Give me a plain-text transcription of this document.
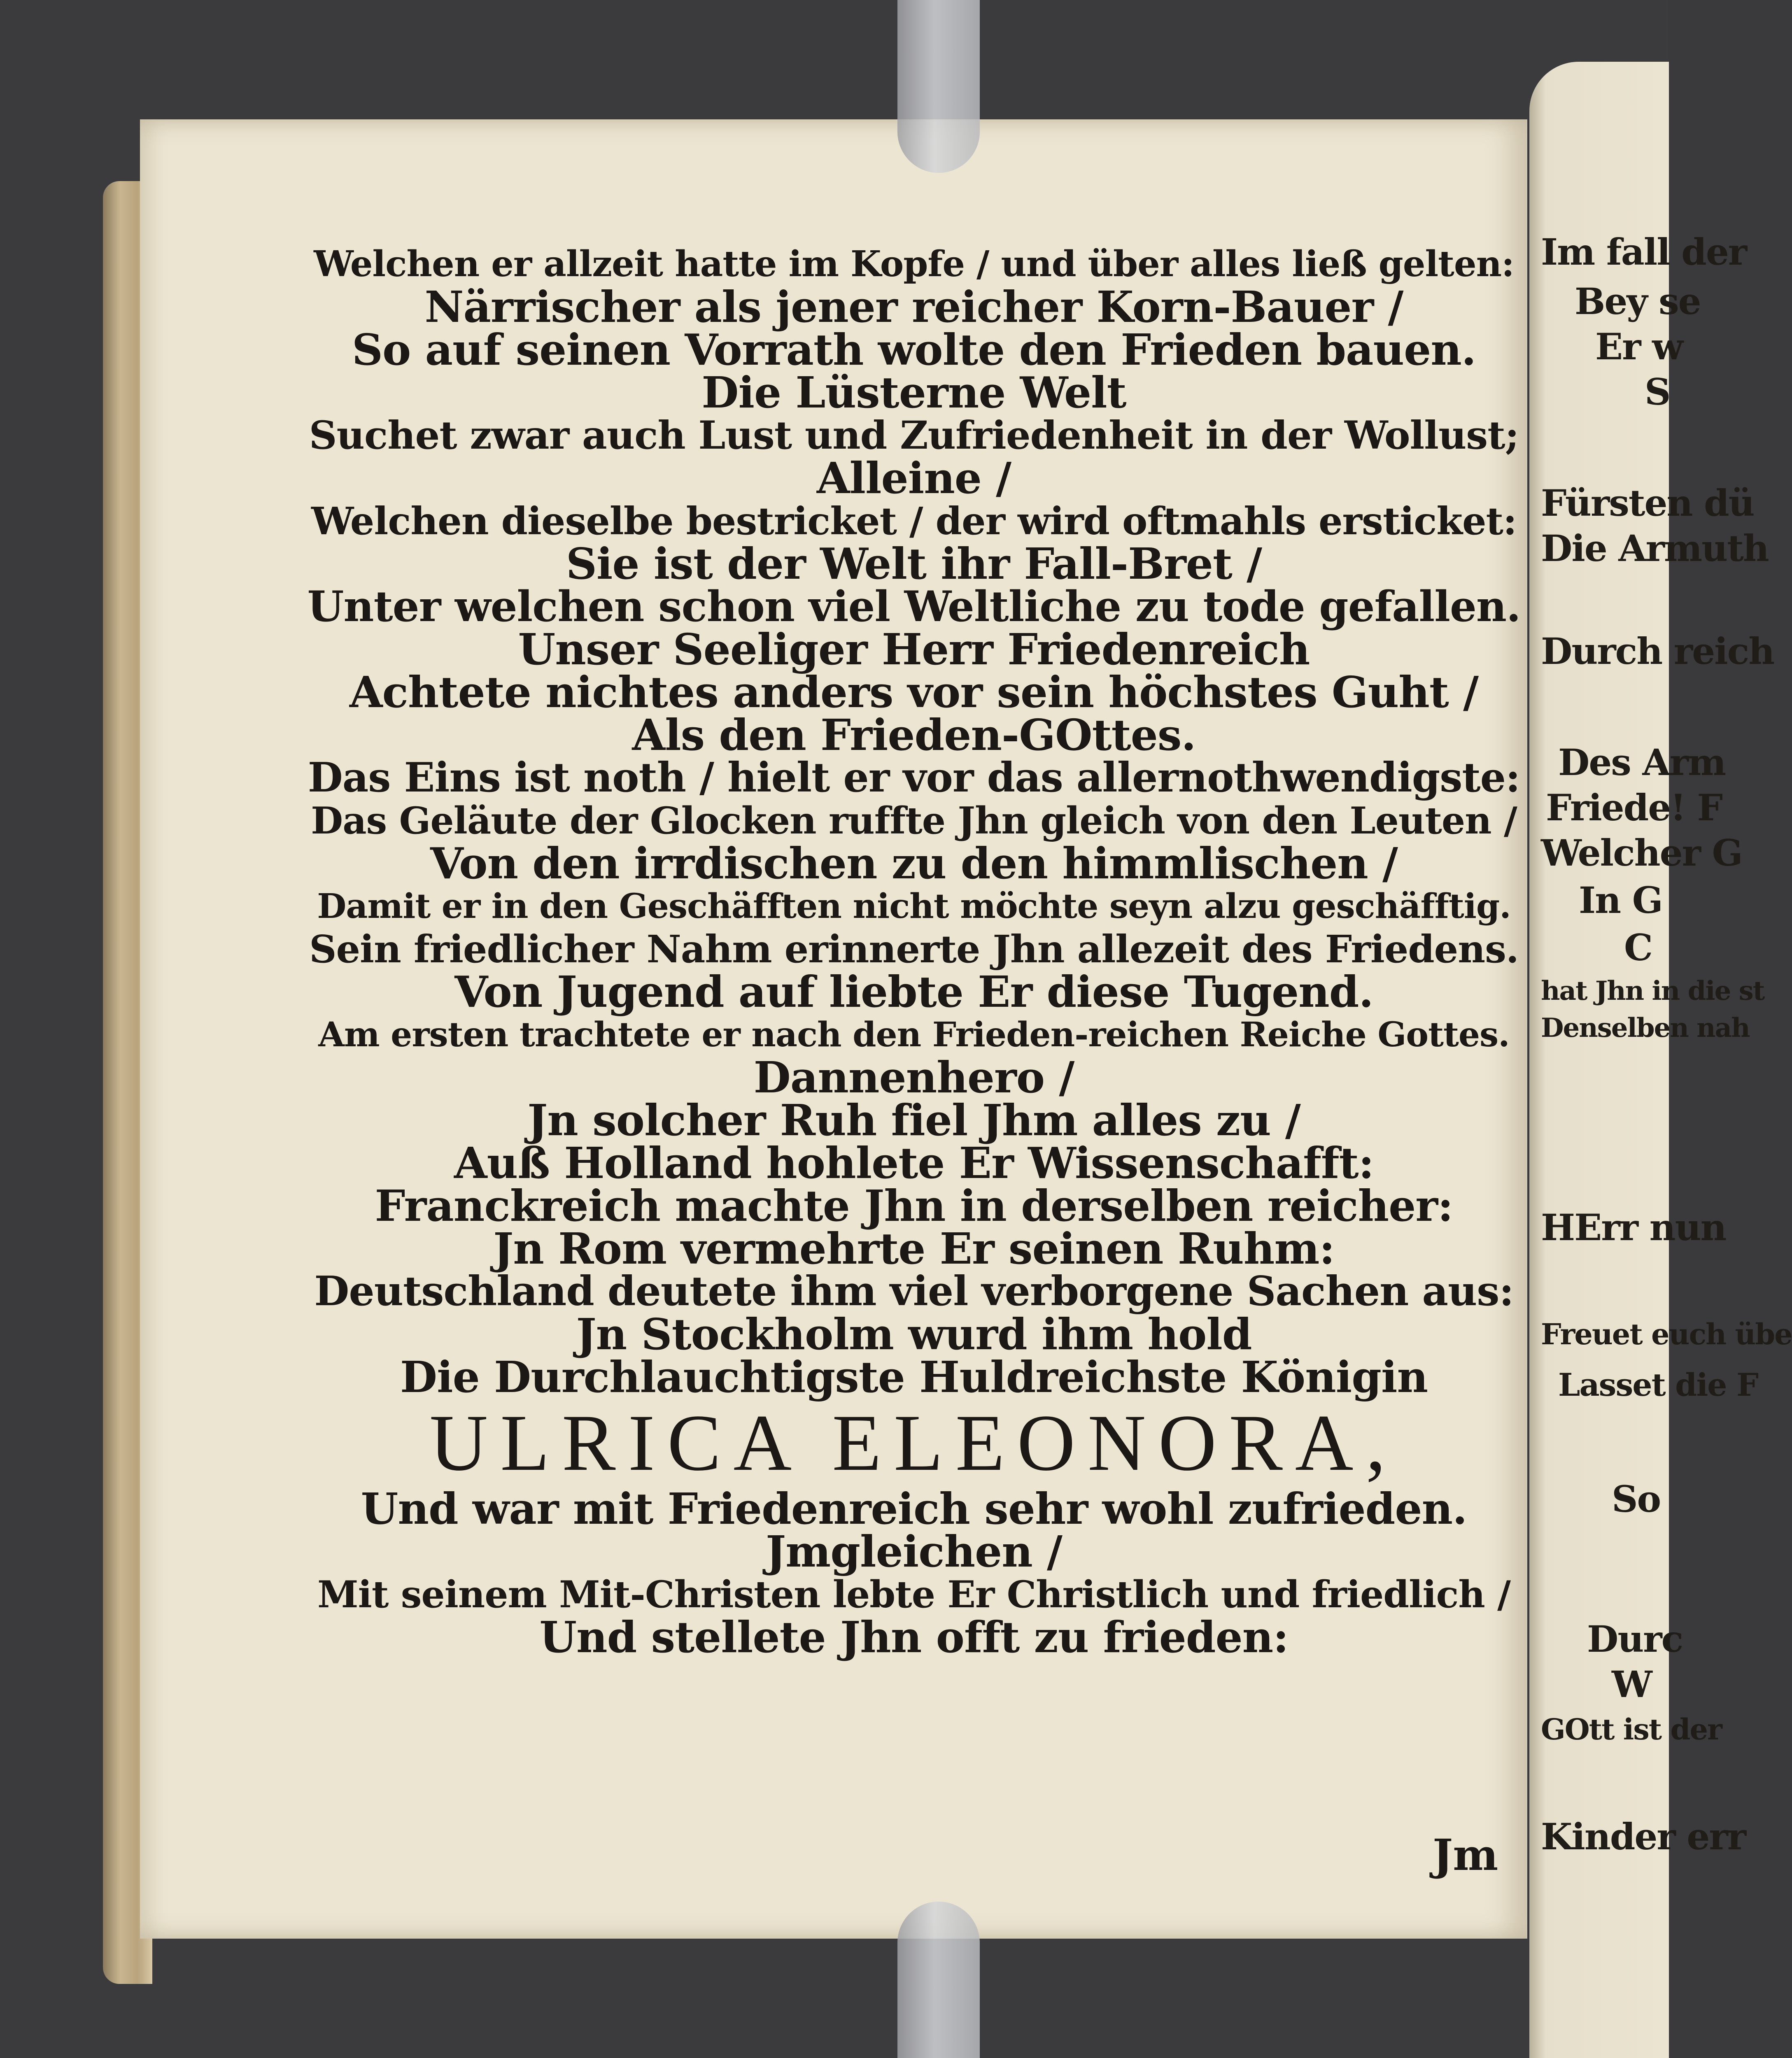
Welchen er allzeit hatte im Kopfe / und über alles ließ gelten:
Närrischer als jener reicher Korn-Bauer /
So auf seinen Vorrath wolte den Frieden bauen.
Die Lüsterne Welt
Suchet zwar auch Lust und Zufriedenheit in der Wollust;
Alleine /
Welchen dieselbe bestricket / der wird oftmahls ersticket:
Sie ist der Welt ihr Fall-Bret /
Unter welchen schon viel Weltliche zu tode gefallen.
Unser Seeliger Herr Friedenreich
Achtete nichtes anders vor sein höchstes Guht /
Als den Frieden-GOttes.
Das Eins ist noth / hielt er vor das allernothwendigste:
Das Geläute der Glocken ruffte Jhn gleich von den Leuten /
Von den irrdischen zu den himmlischen /
Damit er in den Geschäfften nicht möchte seyn alzu geschäfftig.
Sein friedlicher Nahm erinnerte Jhn allezeit des Friedens.
Von Jugend auf liebte Er diese Tugend.
Am ersten trachtete er nach den Frieden-reichen Reiche Gottes.
Dannenhero /
Jn solcher Ruh fiel Jhm alles zu /
Auß Holland hohlete Er Wissenschafft:
Franckreich machte Jhn in derselben reicher:
Jn Rom vermehrte Er seinen Ruhm:
Deutschland deutete ihm viel verborgene Sachen aus:
Jn Stockholm wurd ihm hold
Die Durchlauchtigste Huldreichste Königin
ULRICA ELEONORA,
Und war mit Friedenreich sehr wohl zufrieden.
Jmgleichen /
Mit seinem Mit-Christen lebte Er Christlich und friedlich /
Und stellete Jhn offt zu frieden:
Jm
Im fall der
Bey se
Er w
S
Fürsten dü
Die Armuth
Durch reich
Des Arm
Friede! F
Welcher G
In G
C
hat Jhn in die st
Denselben nah
HErr nun
Freuet euch übe
Lasset die F
So
Durc
W
GOtt ist der
Kinder err
